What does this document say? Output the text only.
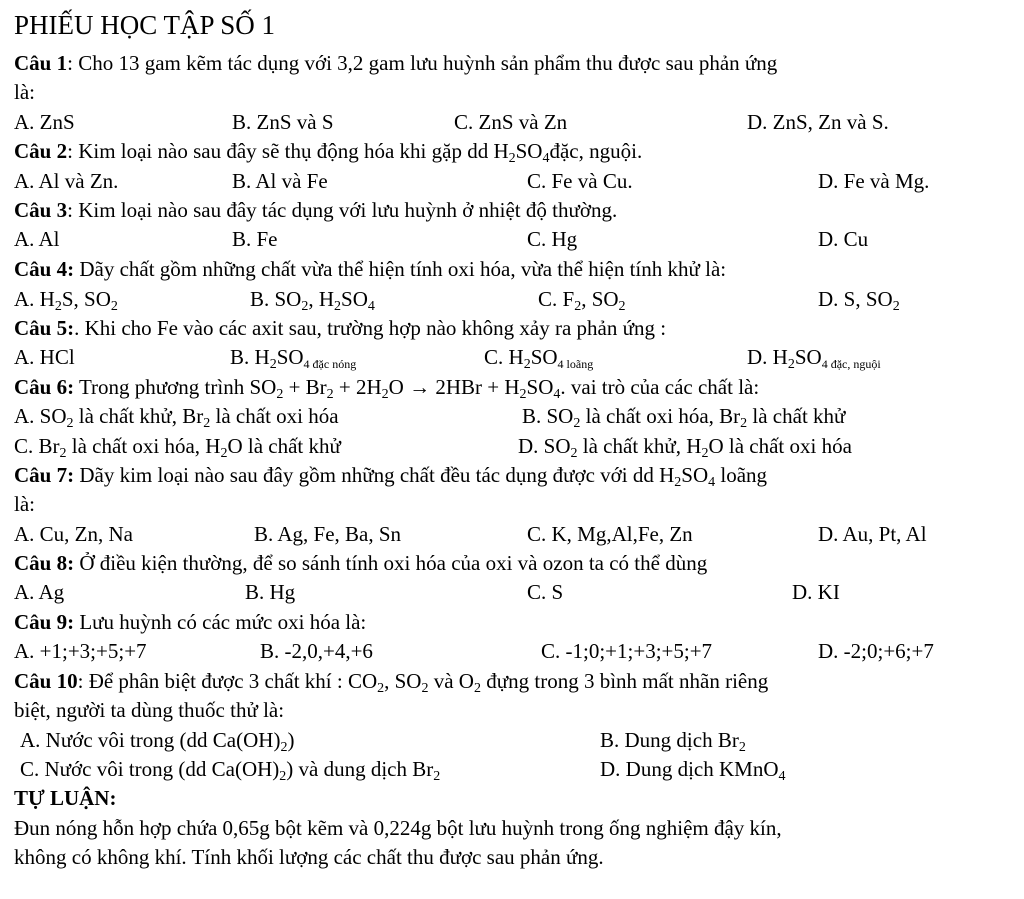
PHIẾU HỌC TẬP SỐ 1
Câu 1: Cho 13 gam kẽm tác dụng với 3,2 gam lưu huỳnh sản phẩm thu được sau phản ứng
là:
A. ZnS	B. ZnS và S	C. ZnS và Zn	D. ZnS, Zn và S.
Câu 2: Kim loại nào sau đây sẽ thụ động hóa khi gặp dd $H_2SO_4đặc$, nguội.
A. Al và Zn.	B. Al và Fe	C. Fe và Cu.	D. Fe và Mg.
Câu 3: Kim loại nào sau đây tác dụng với lưu huỳnh ở nhiệt độ thường.
A. Al	B. Fe	C. Hg	D. Cu
Câu 4: Dãy chất gồm những chất vừa thể hiện tính oxi hóa, vừa thể hiện tính khử là:
A. $H_2S$, $SO_2$	B. $SO_2$, $H_2SO_4$	C. $F_2$, $SO_2$	D. S, $SO_2$
Câu 5:. Khi cho Fe vào các axit sau, trường hợp nào không xảy ra phản ứng :
A. HCl	B. $H_2SO_{4 đặc nóng}$	C. $H_2SO_{4 loãng}$	D. $H_2SO_{4 đặc, nguội}$
Câu 6: Trong phương trình $SO_2 + Br_2 + 2H_2O \to 2HBr + H_2SO_4$. vai trò của các chất là:
A. $SO_2$ là chất khử, $Br_2$ là chất oxi hóa	B. $SO_2$ là chất oxi hóa, $Br_2$ là chất khử
C. $Br_2$ là chất oxi hóa, $H_2O$ là chất khử	D. $SO_2$ là chất khử, $H_2O$ là chất oxi hóa
Câu 7: Dãy kim loại nào sau đây gồm những chất đều tác dụng được với dd $H_2SO_4$ loãng
là:
A. Cu, Zn, Na	B. Ag, Fe, Ba, Sn	C. K, Mg,Al,Fe, Zn	D. Au, Pt, Al
Câu 8: Ở điều kiện thường, để so sánh tính oxi hóa của oxi và ozon ta có thể dùng
A. Ag	B. Hg	C. S	D. KI
Câu 9: Lưu huỳnh có các mức oxi hóa là:
A. +1;+3;+5;+7	B. -2,0,+4,+6	C. -1;0;+1;+3;+5;+7	D. -2;0;+6;+7
Câu 10: Để phân biệt được 3 chất khí : $CO_2$, $SO_2$ và $O_2$ đựng trong 3 bình mất nhãn riêng
biệt, người ta dùng thuốc thử là:
A. Nước vôi trong (dd $Ca(OH)_2$)	B. Dung dịch $Br_2$
C. Nước vôi trong (dd $Ca(OH)_2$) và dung dịch $Br_2$	D. Dung dịch KMnO$_4$
TỰ LUẬN:
Đun nóng hỗn hợp chứa 0,65g bột kẽm và 0,224g bột lưu huỳnh trong ống nghiệm đậy kín,
không có không khí. Tính khối lượng các chất thu được sau phản ứng.
